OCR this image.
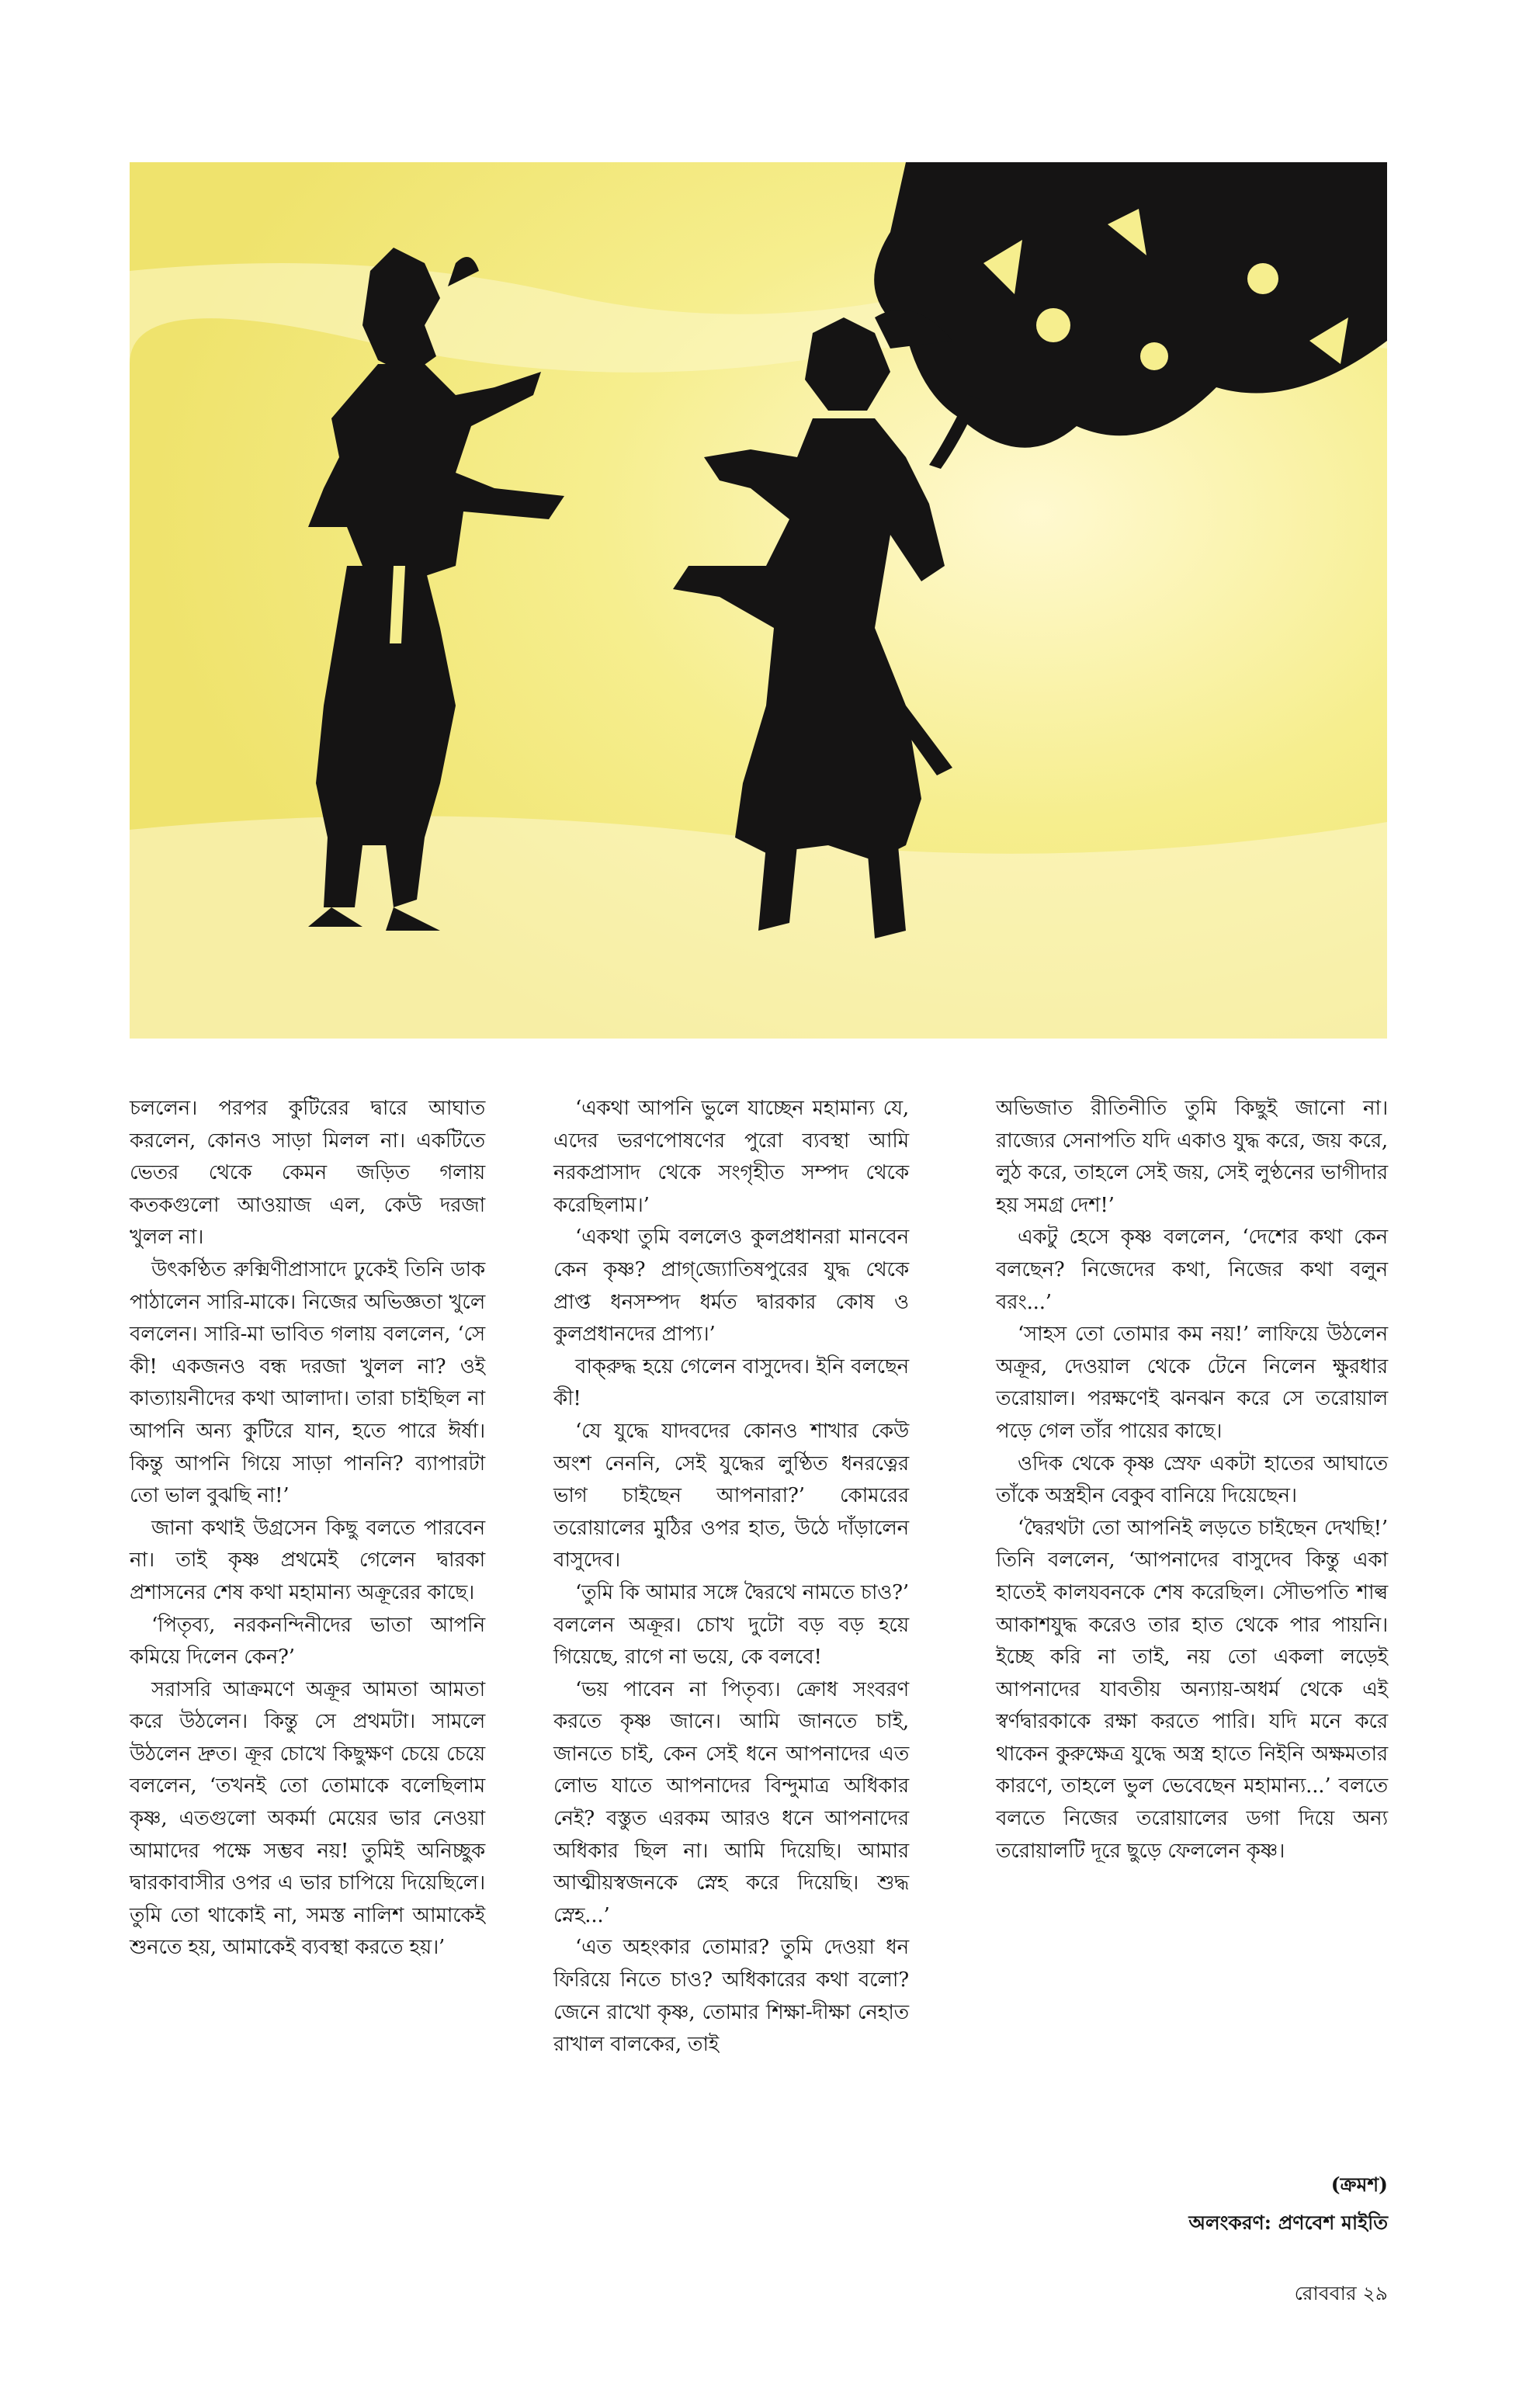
চললেন। পরপর কুটিরের দ্বারে আঘাত করলেন, কোনও সাড়া মিলল না। একটিতে ভেতর থেকে কেমন জড়িত গলায় কতকগুলো আওয়াজ এল, কেউ দরজা খুলল না।

উৎকণ্ঠিত রুক্মিণীপ্রাসাদে ঢুকেই তিনি ডাক পাঠালেন সারি-মাকে। নিজের অভিজ্ঞতা খুলে বললেন। সারি-মা ভাবিত গলায় বললেন, ‘সে কী! একজনও বন্ধ দরজা খুলল না? ওই কাত্যায়নীদের কথা আলাদা। তারা চাইছিল না আপনি অন্য কুটিরে যান, হতে পারে ঈর্ষা। কিন্তু আপনি গিয়ে সাড়া পাননি? ব্যাপারটা তো ভাল বুঝছি না!’

জানা কথাই উগ্রসেন কিছু বলতে পারবেন না। তাই কৃষ্ণ প্রথমেই গেলেন দ্বারকা প্রশাসনের শেষ কথা মহামান্য অক্রূরের কাছে।

‘পিতৃব্য, নরকনন্দিনীদের ভাতা আপনি কমিয়ে দিলেন কেন?’

সরাসরি আক্রমণে অক্রূর আমতা আমতা করে উঠলেন। কিন্তু সে প্রথমটা। সামলে উঠলেন দ্রুত। ক্রূর চোখে কিছুক্ষণ চেয়ে চেয়ে বললেন, ‘তখনই তো তোমাকে বলেছিলাম কৃষ্ণ, এতগুলো অকর্মা মেয়ের ভার নেওয়া আমাদের পক্ষে সম্ভব নয়! তুমিই অনিচ্ছুক দ্বারকাবাসীর ওপর এ ভার চাপিয়ে দিয়েছিলে। তুমি তো থাকোই না, সমস্ত নালিশ আমাকেই শুনতে হয়, আমাকেই ব্যবস্থা করতে হয়।’

‘একথা আপনি ভুলে যাচ্ছেন মহামান্য যে, এদের ভরণপোষণের পুরো ব্যবস্থা আমি নরকপ্রাসাদ থেকে সংগৃহীত সম্পদ থেকে করেছিলাম।’

‘একথা তুমি বললেও কুলপ্রধানরা মানবেন কেন কৃষ্ণ? প্রাগ্‌জ্যোতিষপুরের যুদ্ধ থেকে প্রাপ্ত ধনসম্পদ ধর্মত দ্বারকার কোষ ও কুলপ্রধানদের প্রাপ্য।’

বাক্‌রুদ্ধ হয়ে গেলেন বাসুদেব। ইনি বলছেন কী!

‘যে যুদ্ধে যাদবদের কোনও শাখার কেউ অংশ নেননি, সেই যুদ্ধের লুণ্ঠিত ধনরত্নের ভাগ চাইছেন আপনারা?’ কোমরের তরোয়ালের মুঠির ওপর হাত, উঠে দাঁড়ালেন বাসুদেব।

‘তুমি কি আমার সঙ্গে দ্বৈরথে নামতে চাও?’ বললেন অক্রূর। চোখ দুটো বড় বড় হয়ে গিয়েছে, রাগে না ভয়ে, কে বলবে!

‘ভয় পাবেন না পিতৃব্য। ক্রোধ সংবরণ করতে কৃষ্ণ জানে। আমি জানতে চাই, জানতে চাই, কেন সেই ধনে আপনাদের এত লোভ যাতে আপনাদের বিন্দুমাত্র অধিকার নেই? বস্তুত এরকম আরও ধনে আপনাদের অধিকার ছিল না। আমি দিয়েছি। আমার আত্মীয়স্বজনকে স্নেহ করে দিয়েছি। শুদ্ধ স্নেহ...’

‘এত অহংকার তোমার? তুমি দেওয়া ধন ফিরিয়ে নিতে চাও? অধিকারের কথা বলো? জেনে রাখো কৃষ্ণ, তোমার শিক্ষা-দীক্ষা নেহাত রাখাল বালকের, তাই

অভিজাত রীতিনীতি তুমি কিছুই জানো না। রাজ্যের সেনাপতি যদি একাও যুদ্ধ করে, জয় করে, লুঠ করে, তাহলে সেই জয়, সেই লুণ্ঠনের ভাগীদার হয় সমগ্র দেশ!’

একটু হেসে কৃষ্ণ বললেন, ‘দেশের কথা কেন বলছেন? নিজেদের কথা, নিজের কথা বলুন বরং...’

‘সাহস তো তোমার কম নয়!’ লাফিয়ে উঠলেন অক্রূর, দেওয়াল থেকে টেনে নিলেন ক্ষুরধার তরোয়াল। পরক্ষণেই ঝনঝন করে সে তরোয়াল পড়ে গেল তাঁর পায়ের কাছে।

ওদিক থেকে কৃষ্ণ স্রেফ একটা হাতের আঘাতে তাঁকে অস্ত্রহীন বেকুব বানিয়ে দিয়েছেন।

‘দ্বৈরথটা তো আপনিই লড়তে চাইছেন দেখছি!’ তিনি বললেন, ‘আপনাদের বাসুদেব কিন্তু একা হাতেই কালযবনকে শেষ করেছিল। সৌভপতি শাল্ব আকাশযুদ্ধ করেও তার হাত থেকে পার পায়নি। ইচ্ছে করি না তাই, নয় তো একলা লড়েই আপনাদের যাবতীয় অন্যায়-অধর্ম থেকে এই স্বর্ণদ্বারকাকে রক্ষা করতে পারি। যদি মনে করে থাকেন কুরুক্ষেত্র যুদ্ধে অস্ত্র হাতে নিইনি অক্ষমতার কারণে, তাহলে ভুল ভেবেছেন মহামান্য...’ বলতে বলতে নিজের তরোয়ালের ডগা দিয়ে অন্য তরোয়ালটি দূরে ছুড়ে ফেললেন কৃষ্ণ।

(ক্রমশ)
অলংকরণ: প্রণবেশ মাইতি
রোববার ২৯
